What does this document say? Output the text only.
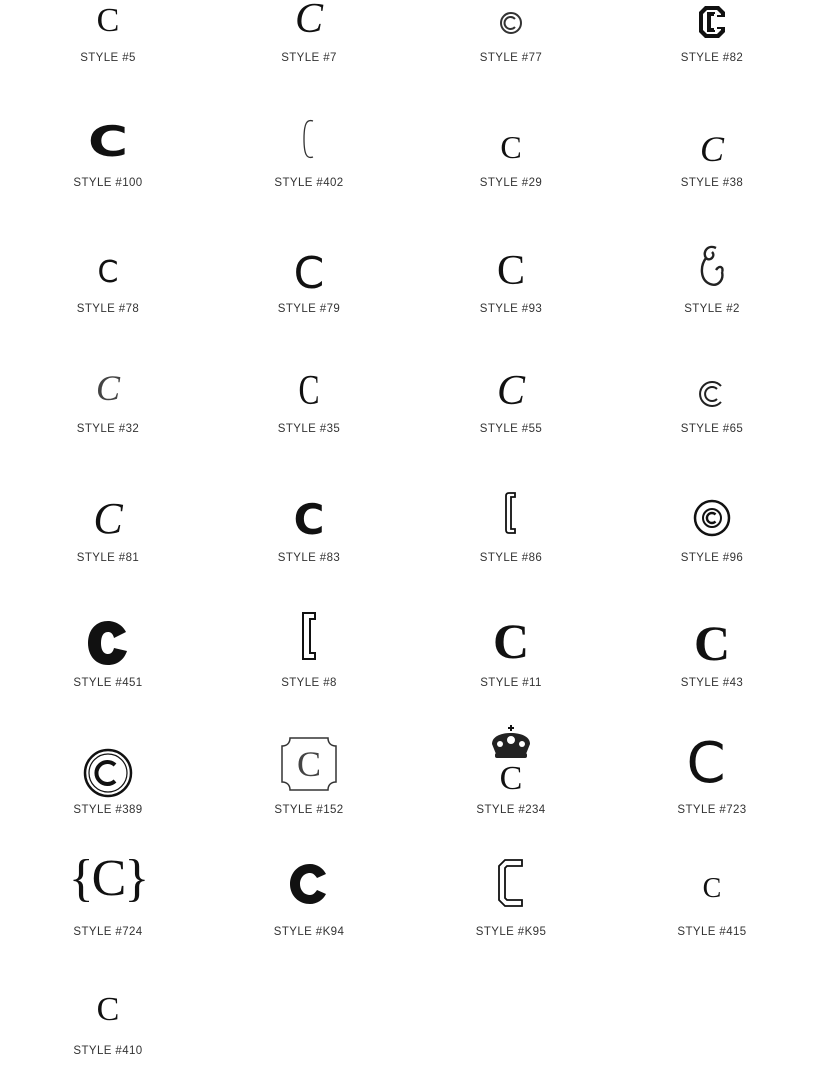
C
STYLE #5
C
STYLE #7	STYLE #77	STYLE #82
C
STYLE #100	STYLE #402
C
STYLE #29
C
STYLE #38
C
STYLE #78
C
STYLE #79
C
STYLE #93	STYLE #2
C
STYLE #32
C
STYLE #35
C
STYLE #55	STYLE #65
C
STYLE #81
C
STYLE #83	STYLE #86	STYLE #96
STYLE #451	STYLE #8
C
STYLE #11
C
STYLE #43
STYLE #389
C
STYLE #152
C
STYLE #234
C
STYLE #723
{C}
STYLE #724	STYLE #K94	STYLE #K95
C
STYLE #415
C
STYLE #410
